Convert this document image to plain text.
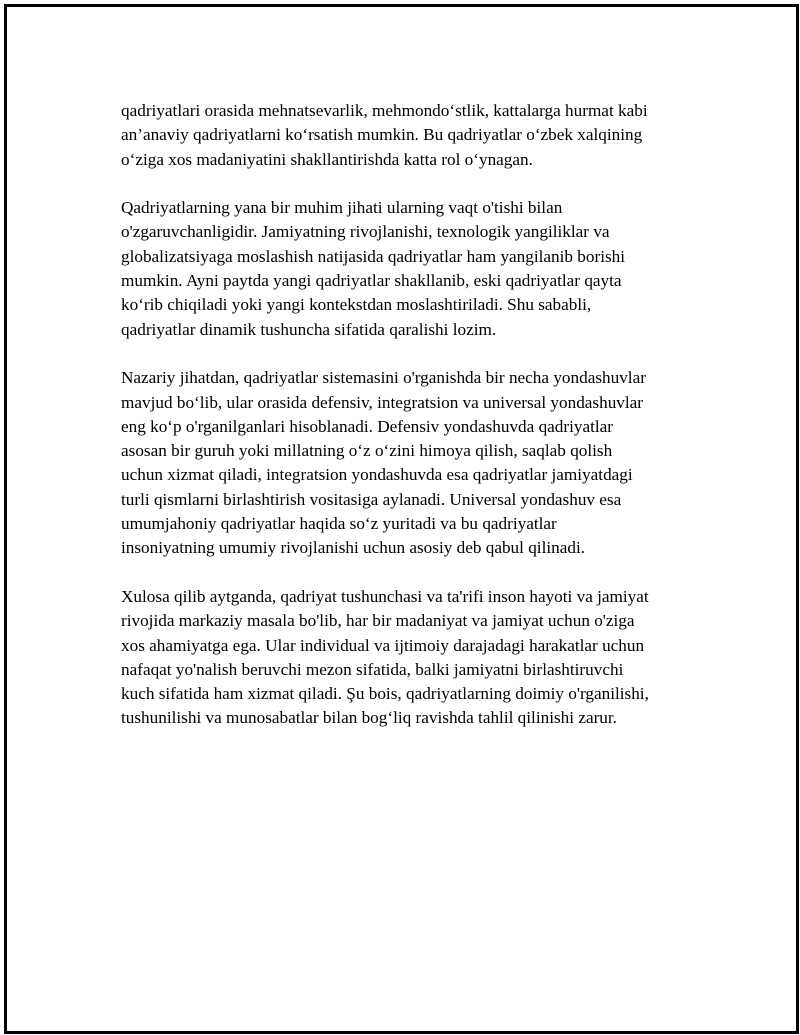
qadriyatlari orasida mehnatsevarlik, mehmondo‘stlik, kattalarga hurmat kabi
an’anaviy qadriyatlarni ko‘rsatish mumkin. Bu qadriyatlar o‘zbek xalqining
o‘ziga xos madaniyatini shakllantirishda katta rol o‘ynagan.

Qadriyatlarning yana bir muhim jihati ularning vaqt o'tishi bilan
o'zgaruvchanligidir. Jamiyatning rivojlanishi, texnologik yangiliklar va
globalizatsiyaga moslashish natijasida qadriyatlar ham yangilanib borishi
mumkin. Ayni paytda yangi qadriyatlar shakllanib, eski qadriyatlar qayta
ko‘rib chiqiladi yoki yangi kontekstdan moslashtiriladi. Shu sababli,
qadriyatlar dinamik tushuncha sifatida qaralishi lozim.

Nazariy jihatdan, qadriyatlar sistemasini o'rganishda bir necha yondashuvlar
mavjud bo‘lib, ular orasida defensiv, integratsion va universal yondashuvlar
eng ko‘p o'rganilganlari hisoblanadi. Defensiv yondashuvda qadriyatlar
asosan bir guruh yoki millatning o‘z o‘zini himoya qilish, saqlab qolish
uchun xizmat qiladi, integratsion yondashuvda esa qadriyatlar jamiyatdagi
turli qismlarni birlashtirish vositasiga aylanadi. Universal yondashuv esa
umumjahoniy qadriyatlar haqida so‘z yuritadi va bu qadriyatlar
insoniyatning umumiy rivojlanishi uchun asosiy deb qabul qilinadi.

Xulosa qilib aytganda, qadriyat tushunchasi va ta'rifi inson hayoti va jamiyat
rivojida markaziy masala bo'lib, har bir madaniyat va jamiyat uchun o'ziga
xos ahamiyatga ega. Ular individual va ijtimoiy darajadagi harakatlar uchun
nafaqat yo'nalish beruvchi mezon sifatida, balki jamiyatni birlashtiruvchi
kuch sifatida ham xizmat qiladi. Şu bois, qadriyatlarning doimiy o'rganilishi,
tushunilishi va munosabatlar bilan bog‘liq ravishda tahlil qilinishi zarur.
